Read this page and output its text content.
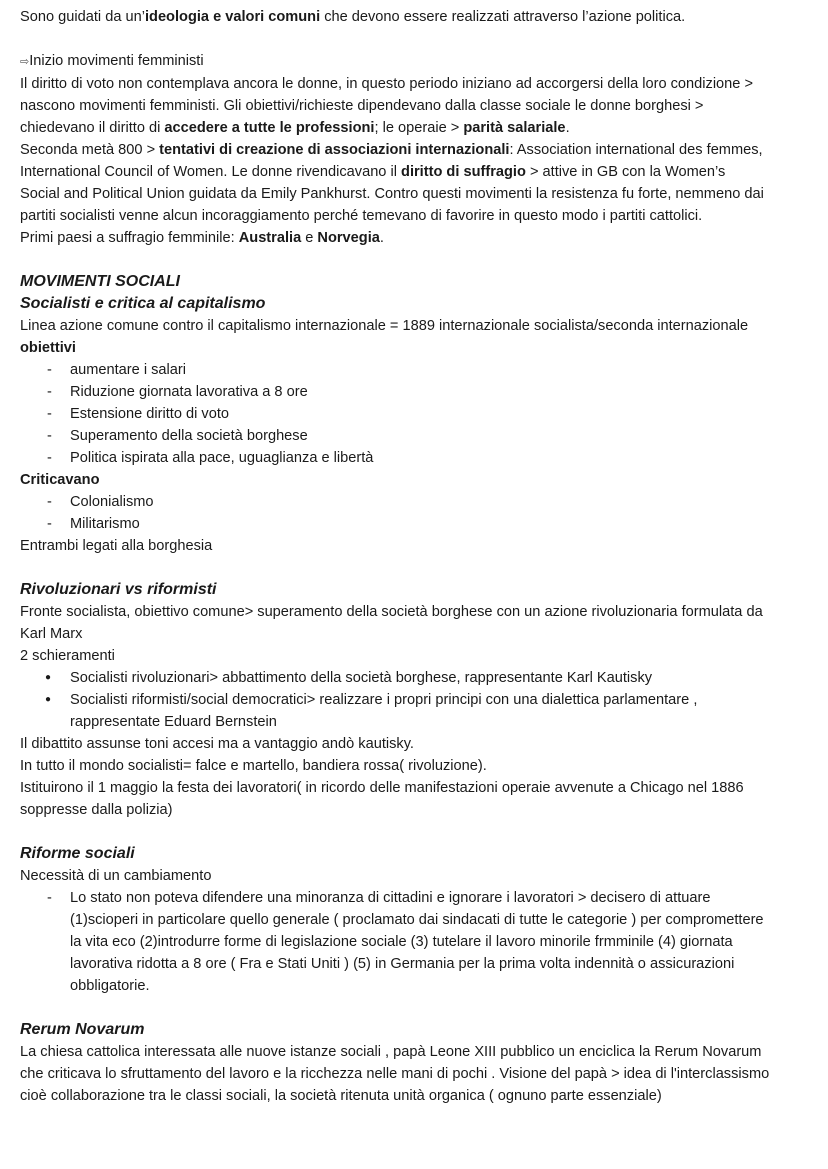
Sono guidati da un’ideologia e valori comuni che devono essere realizzati attraverso l’azione politica.

⇨Inizio movimenti femministi

Il diritto di voto non contemplava ancora le donne, in questo periodo iniziano ad accorgersi della loro condizione >

nascono movimenti femministi. Gli obiettivi/richieste dipendevano dalla classe sociale le donne borghesi >

chiedevano il diritto di accedere a tutte le professioni; le operaie > parità salariale.

Seconda metà 800 > tentativi di creazione di associazioni internazionali: Association international des femmes,

International Council of Women. Le donne rivendicavano il diritto di suffragio > attive in GB con la Women’s

Social and Political Union guidata da Emily Pankhurst. Contro questi movimenti la resistenza fu forte, nemmeno dai

partiti socialisti venne alcun incoraggiamento perché temevano di favorire in questo modo i partiti cattolici.

Primi paesi a suffragio femminile: Australia e Norvegia.

MOVIMENTI SOCIALI

Socialisti e critica al capitalismo

Linea azione comune contro il capitalismo internazionale = 1889 internazionale socialista/seconda internazionale

obiettivi

- aumentare i salari
- Riduzione giornata lavorativa a 8 ore
- Estensione diritto di voto
- Superamento della società borghese
- Politica ispirata alla pace, uguaglianza e libertà

Criticavano

- Colonialismo
- Militarismo

Entrambi legati alla borghesia

Rivoluzionari vs riformisti

Fronte socialista, obiettivo comune> superamento della società borghese con un azione rivoluzionaria formulata da

Karl Marx

2 schieramenti

● Socialisti rivoluzionari> abbattimento della società borghese, rappresentante Karl Kautisky
● Socialisti riformisti/social democratici> realizzare i propri principi con una dialettica parlamentare ,
rappresentate Eduard Bernstein

Il dibattito assunse toni accesi ma a vantaggio andò kautisky.

In tutto il mondo socialisti= falce e martello, bandiera rossa( rivoluzione).

Istituirono il 1 maggio la festa dei lavoratori( in ricordo delle manifestazioni operaie avvenute a Chicago nel 1886

soppresse dalla polizia)

Riforme sociali

Necessità di un cambiamento

- Lo stato non poteva difendere una minoranza di cittadini e ignorare i lavoratori > decisero di attuare
(1)scioperi in particolare quello generale ( proclamato dai sindacati di tutte le categorie ) per compromettere
la vita eco (2)introdurre forme di legislazione sociale (3) tutelare il lavoro minorile frmminile (4) giornata
lavorativa ridotta a 8 ore ( Fra e Stati Uniti ) (5) in Germania per la prima volta indennità o assicurazioni
obbligatorie.

Rerum Novarum

La chiesa cattolica interessata alle nuove istanze sociali , papà Leone XIII pubblico un enciclica la Rerum Novarum

che criticava lo sfruttamento del lavoro e la ricchezza nelle mani di pochi . Visione del papà > idea di l'interclassismo

cioè collaborazione tra le classi sociali, la società ritenuta unità organica ( ognuno parte essenziale)
